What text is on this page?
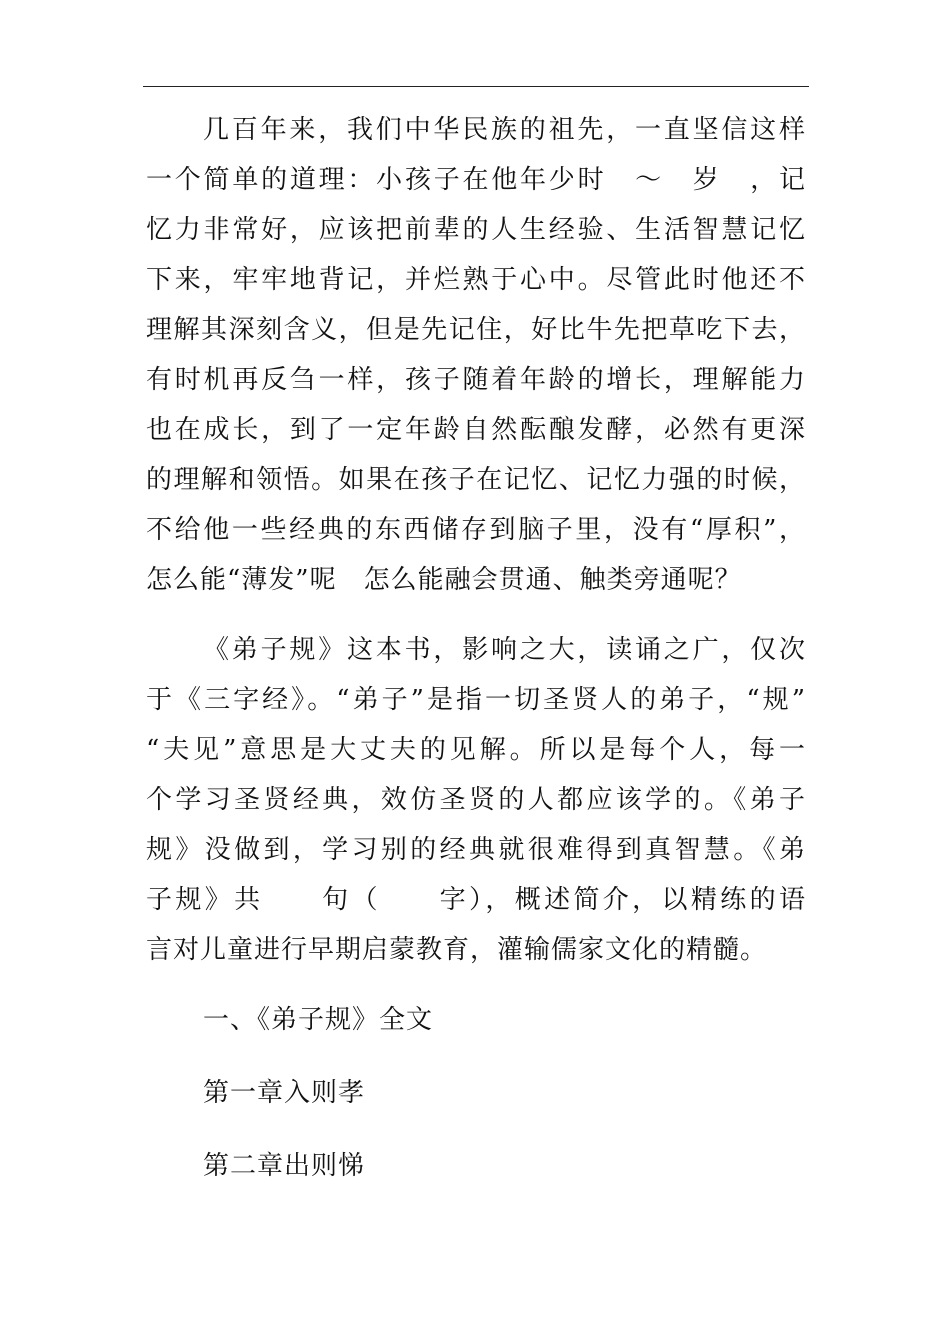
几百年来，我们中华民族的祖先，一直坚信这样
一个简单的道理：小孩子在他年少时　～　岁　，记
忆力非常好，应该把前辈的人生经验、生活智慧记忆
下来，牢牢地背记，并烂熟于心中。尽管此时他还不
理解其深刻含义，但是先记住，好比牛先把草吃下去，
有时机再反刍一样，孩子随着年龄的增长，理解能力
也在成长，到了一定年龄自然酝酿发酵，必然有更深
的理解和领悟。如果在孩子在记忆、记忆力强的时候，
不给他一些经典的东西储存到脑子里，没有“厚积”，
怎么能“薄发”呢　怎么能融会贯通、触类旁通呢？
《弟子规》这本书，影响之大，读诵之广，仅次
于《三字经》。“弟子”是指一切圣贤人的弟子，“规”
“夫见”意思是大丈夫的见解。所以是每个人，每一
个学习圣贤经典，效仿圣贤的人都应该学的。《弟子
规》没做到，学习别的经典就很难得到真智慧。《弟
子规》共　　句（　　字），概述简介，以精练的语
言对儿童进行早期启蒙教育，灌输儒家文化的精髓。
一、《弟子规》全文
第一章入则孝
第二章出则悌
